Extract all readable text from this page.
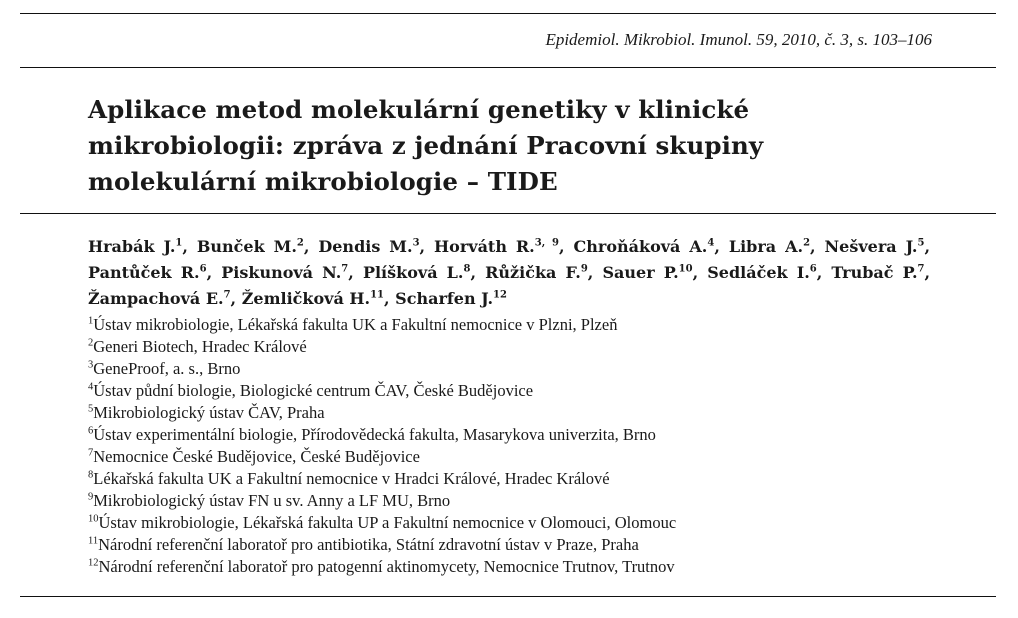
Epidemiol. Mikrobiol. Imunol. 59, 2010, č. 3, s. 103–106
Aplikace metod molekulární genetiky v klinické
mikrobiologii: zpráva z jednání Pracovní skupiny
molekulární mikrobiologie – TIDE
Hrabák J.$^1$, Bunček M.$^2$, Dendis M.$^3$, Horváth R.$^{3, 9}$, Chroňáková A.$^4$, Libra A.$^2$, Nešvera J.$^5$, Pantůček R.$^6$, Piskunová N.$^7$, Plíšková L.$^8$, Růžička F.$^9$, Sauer P.$^{10}$, Sedláček I.$^6$, Trubač P.$^7$, Žampachová E.$^7$, Žemličková H.$^{11}$, Scharfen J.$^{12}$
$^1$Ústav mikrobiologie, Lékařská fakulta UK a Fakultní nemocnice v Plzni, Plzeň
$^2$Generi Biotech, Hradec Králové
$^3$GeneProof, a. s., Brno
$^4$Ústav půdní biologie, Biologické centrum ČAV, České Budějovice
$^5$Mikrobiologický ústav ČAV, Praha
$^6$Ústav experimentální biologie, Přírodovědecká fakulta, Masarykova univerzita, Brno
$^7$Nemocnice České Budějovice, České Budějovice
$^8$Lékařská fakulta UK a Fakultní nemocnice v Hradci Králové, Hradec Králové
$^9$Mikrobiologický ústav FN u sv. Anny a LF MU, Brno
$^{10}$Ústav mikrobiologie, Lékařská fakulta UP a Fakultní nemocnice v Olomouci, Olomouc
$^{11}$Národní referenční laboratoř pro antibiotika, Státní zdravotní ústav v Praze, Praha
$^{12}$Národní referenční laboratoř pro patogenní aktinomycety, Nemocnice Trutnov, Trutnov
